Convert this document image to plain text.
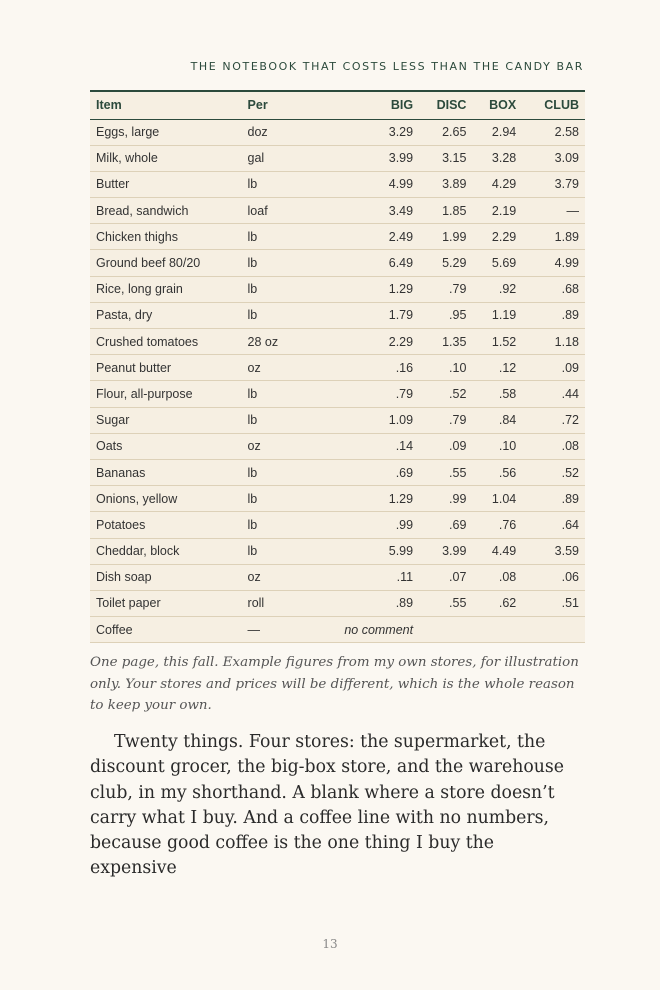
THE NOTEBOOK THAT COSTS LESS THAN THE CANDY BAR
Item	Per	BIG	DISC	BOX	CLUB
Eggs, large	doz	3.29	2.65	2.94	2.58
Milk, whole	gal	3.99	3.15	3.28	3.09
Butter	lb	4.99	3.89	4.29	3.79
Bread, sandwich	loaf	3.49	1.85	2.19	—
Chicken thighs	lb	2.49	1.99	2.29	1.89
Ground beef 80/20	lb	6.49	5.29	5.69	4.99
Rice, long grain	lb	1.29	.79	.92	.68
Pasta, dry	lb	1.79	.95	1.19	.89
Crushed tomatoes	28 oz	2.29	1.35	1.52	1.18
Peanut butter	oz	.16	.10	.12	.09
Flour, all-purpose	lb	.79	.52	.58	.44
Sugar	lb	1.09	.79	.84	.72
Oats	oz	.14	.09	.10	.08
Bananas	lb	.69	.55	.56	.52
Onions, yellow	lb	1.29	.99	1.04	.89
Potatoes	lb	.99	.69	.76	.64
Cheddar, block	lb	5.99	3.99	4.49	3.59
Dish soap	oz	.11	.07	.08	.06
Toilet paper	roll	.89	.55	.62	.51
Coffee	—	no comment			
One page, this fall. Example figures from my own stores, for illustration only. Your stores and prices will be different, which is the whole reason to keep your own.

Twenty things. Four stores: the supermarket, the discount grocer, the big-box store, and the warehouse club, in my shorthand. A blank where a store doesn’t carry what I buy. And a coffee line with no numbers, because good coffee is the one thing I buy the expensive

13
